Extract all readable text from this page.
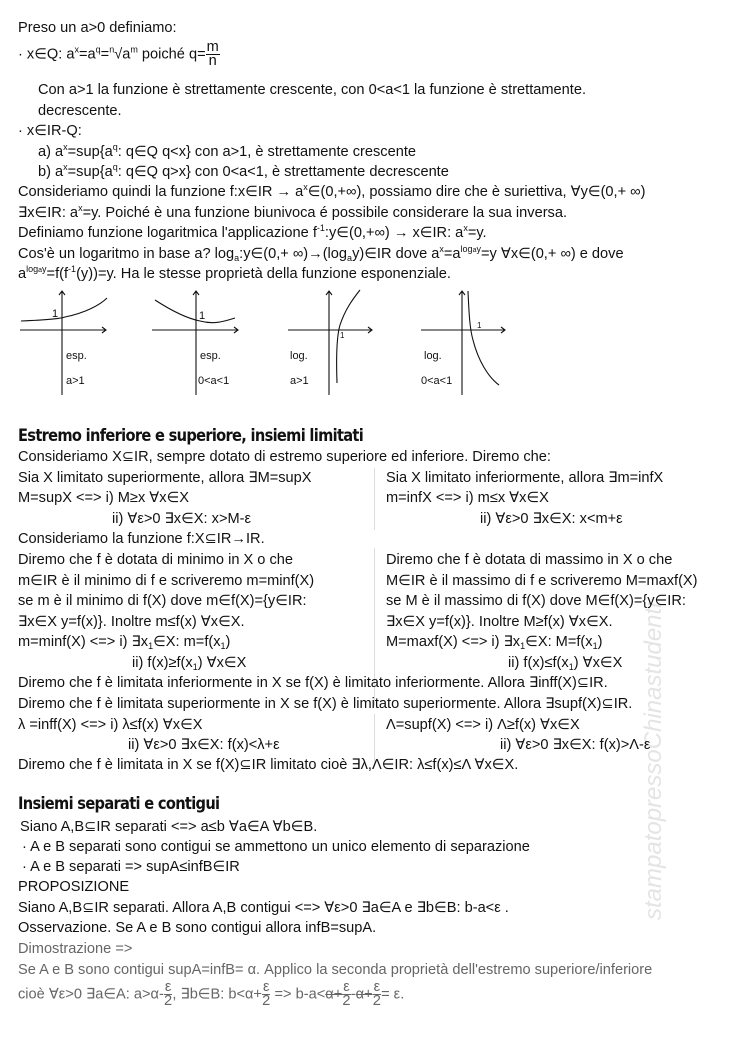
stampatopressoChinastudenti
Preso un a>0 definiamo:
· x∈Q: $a^x=a^q=^n√a^m$ poiché $q= \frac{m}{n}$
Con a>1 la funzione è strettamente crescente, con 0<a<1 la funzione è strettamente.
decrescente.
· x∈IR-Q:
a) $a^x=sup\{a^q$: q∈Q q<x} con a>1, è strettamente crescente
b) $a^x=sup\{a^q$: q∈Q q>x} con 0<a<1, è strettamente decrescente
Consideriamo quindi la funzione f:x∈IR → $a^x\in(0,+\infty)$, possiamo dire che è suriettiva, ∀y∈(0,+ ∞)
∃x∈IR: $a^x=y$. Poiché è una funzione biunivoca é possibile considerare la sua inversa.
Definiamo funzione logaritmica l'applicazione $f^{-1}:y\in(0,+\infty)$ → x∈IR: $a^x=y$.
Cos'è un logaritmo in base a? $\log_a:y\in(0,+$ $\infty)\to(\log_ay)\in IR$ dove $a^x=a^{logay}=y$ ∀x∈(0,+ ∞) e dove
$a^{logay}=f(f^{-1}(y))=y$. Ha le stesse proprietà della funzione esponenziale.
1
esp.
a>1
1
esp.
0<a<1
1
log.
a>1
1
log.
0<a<1
Estremo inferiore e superiore, insiemi limitati
Consideriamo X⊆IR, sempre dotato di estremo superiore ed inferiore. Diremo che:
Sia X limitato superiormente, allora ∃M=supX
M=supX <=> i) M≥x ∀x∈X
ii) ∀ε>0 ∃x∈X: x>M-ε
Sia X limitato inferiormente, allora ∃m=infX
m=infX <=> i) m≤x ∀x∈X
ii) ∀ε>0 ∃x∈X: x<m+ε
Consideriamo la funzione f:X⊆IR→IR.
Diremo che f è dotata di minimo in X o che
m∈IR è il minimo di f e scriveremo m=minf(X)
se m è il minimo di f(X) dove m∈f(X)={y∈IR:
∃x∈X y=f(x)}. Inoltre m≤f(x) ∀x∈X.
m=minf(X) <=> i) $\exists x_1\in X$: $m=f(x_1)$
ii) $f(x)\ge f(x_1)$ ∀x∈X
Diremo che f è dotata di massimo in X o che
M∈IR è il massimo di f e scriveremo M=maxf(X)
se M è il massimo di f(X) dove M∈f(X)={y∈IR:
∃x∈X y=f(x)}. Inoltre M≥f(x) ∀x∈X.
M=maxf(X) <=> i) $\exists x_1\in X$: $M=f(x_1)$
ii) $f(x)\le f(x_1)$ ∀x∈X
Diremo che f è limitata inferiormente in X se f(X) è limitato inferiormente. Allora ∃inff(X)⊆IR.
Diremo che f è limitata superiormente in X se f(X) è limitato superiormente. Allora ∃supf(X)⊆IR.
λ =inff(X) <=> i) λ≤f(x) ∀x∈X
ii) ∀ε>0 ∃x∈X: f(x)<λ+ε
Λ=supf(X) <=> i) Λ≥f(x) ∀x∈X
ii) ∀ε>0 ∃x∈X: f(x)>Λ-ε
Diremo che f è limitata in X se f(X)⊆IR limitato cioè ∃λ,Λ∈IR: λ≤f(x)≤Λ ∀x∈X.
Insiemi separati e contigui
Siano A,B⊆IR separati <=> a≤b ∀a∈A ∀b∈B.
· A e B separati sono contigui se ammettono un unico elemento di separazione
· A e B separati => supA≤infB∈IR
PROPOSIZIONE
Siano A,B⊆IR separati. Allora A,B contigui <=> ∀ε>0 ∃a∈A e ∃b∈B: b-a<ε .
Osservazione. Se A e B sono contigui allora infB=supA.
Dimostrazione =>
Se A e B sono contigui supA=infB= α. Applico la seconda proprietà dell'estremo superiore/inferiore
cioè ∀ε>0 ∃a∈A: $a>\alpha- \frac{\varepsilon}{2}$ , ∃b∈B: $b<\alpha+ \frac{\varepsilon}{2} => b-a<\alpha+ \frac{\varepsilon}{2} -\alpha+ \frac{\varepsilon}{2} = \varepsilon$.
